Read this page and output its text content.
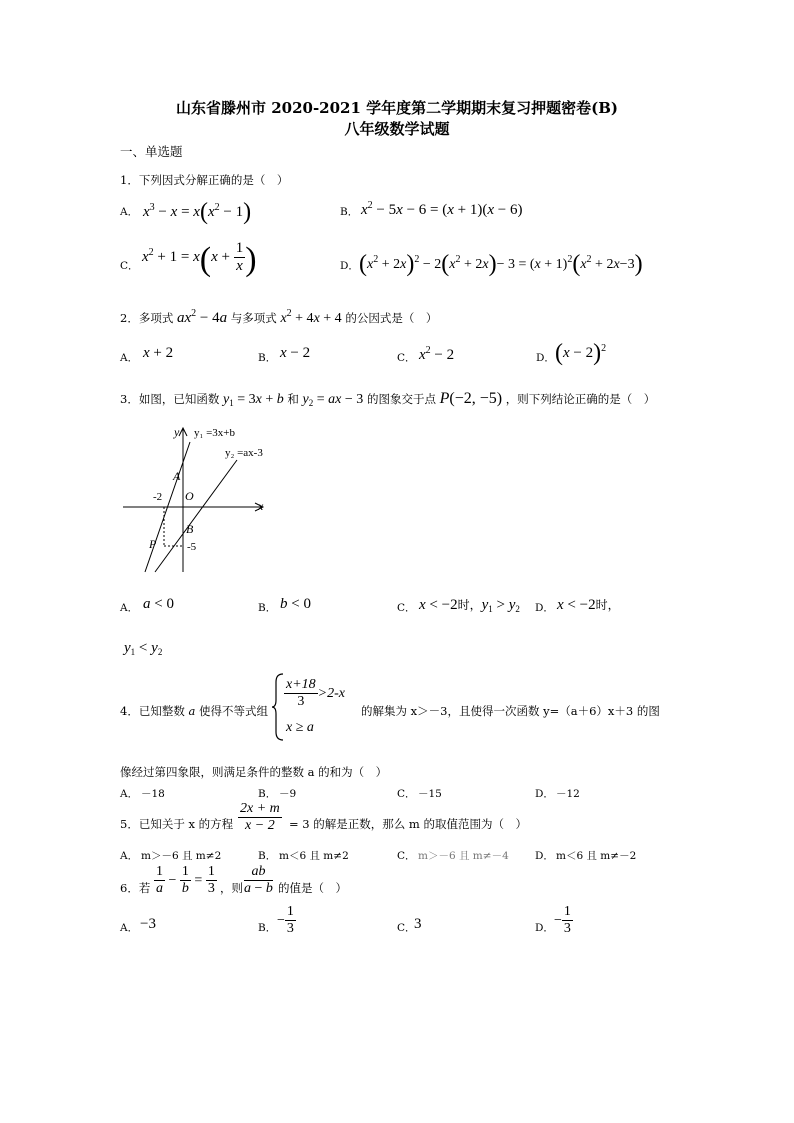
山东省滕州市 2020-2021 学年度第二学期期末复习押题密卷(B)
八年级数学试题
一、单选题
1．下列因式分解正确的是（　）
A． $x^3 - x = x(x^2 - 1)$	B． $x^2 - 5x - 6 = (x + 1)(x - 6)$
C．
$x^2 + 1 = x(x + \frac{1}{x}$ )	D． $(x^2 + 2x)^2 - 2(x^2 + 2x)- 3 = (x + 1)^2(x^2 + 2x-3)$
2．多项式 $ax^2 - 4a$ 与多项式 $x^2 + 4x + 4$ 的公因式是（　）
A． x + 2	B． x − 2	C． $x^2 - 2$	D． $(x - 2)^2$
3．如图，已知函数 $y_1 = 3x + b$ 和 $y_2$ = ax − 3 的图象交于点 P(−2, −5) ，则下列结论正确的是（　）
y
x
y₁ =3x+b
y₂ =ax-3
A
O
B
P
-2
-5
A． a < 0	B． b < 0	C． x < −2时，$y_1 > y_2$ D． x < −2时，
$y_1 < y_2$
4．已知整数 a 使得不等式组
$\frac{x+18}{3} >2-x$
x ≥ a
的解集为 x＞－3，且使得一次函数 y=（a＋6）x＋3 的图
像经过第四象限，则满足条件的整数 a 的和为（　）
A． －18	B． －9	C． －15	D． －12
5．已知关于 x 的方程 $\frac{2x + m}{x - 2} = 3$ 的解是正数，那么 m 的取值范围为（　）
A． m＞－6 且 m≠2	B． m＜6 且 m≠2	C． m＞－6 且 m≠－4	D． m＜6 且 m≠－2
6．若 $\frac{1}{a} - \frac{1}{b} = \frac{1}{3}$ ，则 $\frac{ab}{a - b}$ 的值是（　）
A． −3	B．
− $\frac{1}{3}$	C．
3	D．
− $\frac{1}{3}$
